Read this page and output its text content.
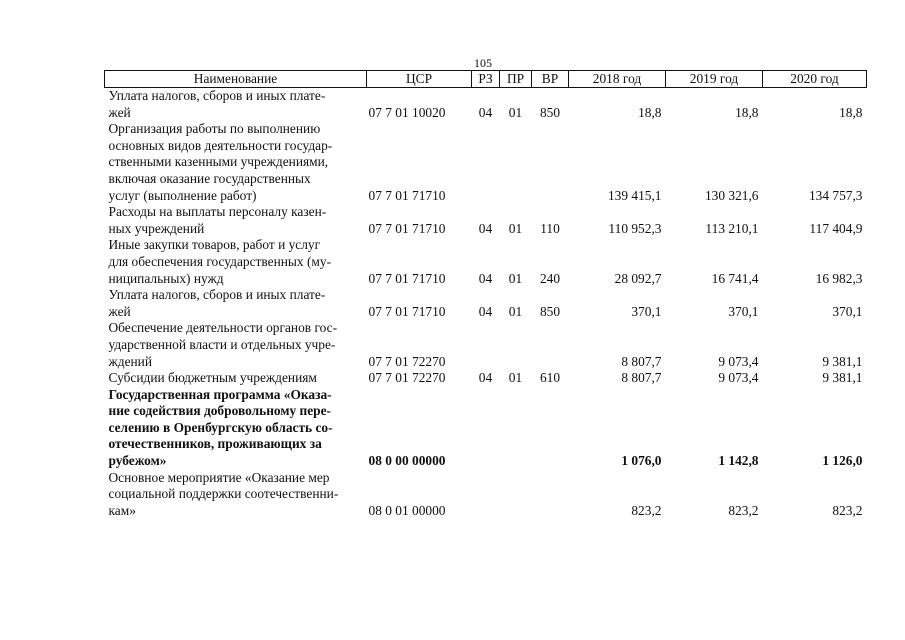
105
Наименование	ЦСР	РЗ	ПР	ВР	2018 год	2019 год	2020 год

Уплата налогов, сборов и иных плате-
жей	07 7 01 10020	04	01	850	18,8	18,8	18,8

Организация работы по выполнению
основных видов деятельности государ-
ственными казенными учреждениями,
включая оказание государственных
услуг (выполнение работ)	07 7 01 71710				139 415,1	130 321,6	134 757,3

Расходы на выплаты персоналу казен-
ных учреждений	07 7 01 71710	04	01	110	110 952,3	113 210,1	117 404,9

Иные закупки товаров, работ и услуг
для обеспечения государственных (му-
ниципальных) нужд	07 7 01 71710	04	01	240	28 092,7	16 741,4	16 982,3

Уплата налогов, сборов и иных плате-
жей	07 7 01 71710	04	01	850	370,1	370,1	370,1

Обеспечение деятельности органов гос-
ударственной власти и отдельных учре-
ждений	07 7 01 72270				8 807,7	9 073,4	9 381,1

Субсидии бюджетным учреждениям	07 7 01 72270	04	01	610	8 807,7	9 073,4	9 381,1

Государственная программа «Оказа-
ние содействия добровольному пере-
селению в Оренбургскую область со-
отечественников, проживающих за
рубежом»	08 0 00 00000				1 076,0	1 142,8	1 126,0

Основное мероприятие «Оказание мер
социальной поддержки соотечественни-
кам»	08 0 01 00000				823,2	823,2	823,2
